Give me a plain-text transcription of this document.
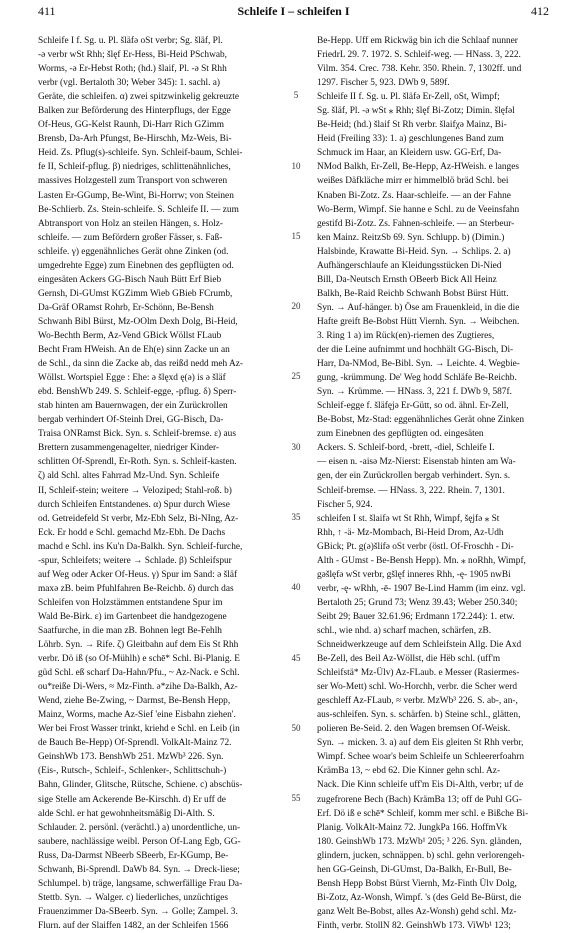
411	Schleife I – schleifen I	412
Schleife I f. Sg. u. Pl. šläfǝ oSt verbr; Sg. šläf, Pl.
-ǝ verbr wSt Rhh; šlęf Er-Hess, Bi-Heid PSchwab,
Worms, -ǝ Er-Hebst Roth; (hd.) šlaif, Pl. -ǝ St Rhh
verbr (vgl. Bertaloth 30; Weber 345): 1. sachl. a)
Geräte, die schleifen. α) zwei spitzwinkelig gekreuzte
Balken zur Beförderung des Hinterpflugs, der Egge
Of-Heus, GG-Kelst Raunh, Di-Harr Rich GZimm
Brensb, Da-Arh Pfungst, Be-Hirschh, Mz-Weis, Bi-
Heid. Zs. Pflug(s)-schleife. Syn. Schleif-baum, Schlei-
fe II, Schleif-pflug. β) niedriges, schlittenähnliches,
massives Holzgestell zum Transport von schweren
Lasten Er-GGump, Be-Wint, Bi-Horrw; von Steinen
Be-Schlierb. Zs. Stein-schleife. S. Schleife II. — zum
Abtransport von Holz an steilen Hängen, s. Holz-
schleife. — zum Befördern großer Fässer, s. Faß-
schleife. γ) eggenähnliches Gerät ohne Zinken (od.
umgedrehte Egge) zum Einebnen des gepflügten od.
eingesäten Ackers GG-Bisch Nauh Bütt Erf Bieb
Gernsh, Di-GUmst KGZimm Wieb GBieb FCrumb,
Da-Gräf ORamst Rohrb, Er-Schönn, Be-Bensh
Schwanh Bibl Bürst, Mz-OOlm Dexh Dolg, Bi-Heid,
Wo-Bechth Berm, Az-Vend GBick Wöllst FLaub
Becht Fram HWeish. An de Eh(e) sinn Zacke un an
de Schl., da sinn die Zacke ab, das reißd nedd meh Az-
Wöllst. Wortspiel Egge : Ehe: ǝ šlęxd ę(ǝ) is ǝ šläf
ebd. BenshWb 249. S. Schleif-egge, -pflug. δ) Sperr-
stab hinten am Bauernwagen, der ein Zurückrollen
bergab verhindert Of-Steinh Drei, GG-Bisch, Da-
Traisa ONRamst Bick. Syn. s. Schleif-bremse. ε) aus
Brettern zusammengenagelter, niedriger Kinder-
schlitten Of-Sprendl, Er-Roth. Syn. s. Schleif-kasten.
ζ) ald Schl. altes Fahrrad Mz-Und. Syn. Schleife
II, Schleif-stein; weitere → Veloziped; Stahl-roß. b)
durch Schleifen Entstandenes. α) Spur durch Wiese
od. Getreidefeld St verbr, Mz-Ebh Selz, Bi-NIng, Az-
Eck. Er hodd e Schl. gemachd Mz-Ebh. De Dachs
machd e Schl. ins Ku'n Da-Balkh. Syn. Schleif-furche,
-spur, Schleifets; weitere → Schlade. β) Schleifspur
auf Weg oder Acker Of-Heus. γ) Spur im Sand: ǝ šläf
maxǝ zB. beim Pfuhlfahren Be-Reichb. δ) durch das
Schleifen von Holzstämmen entstandene Spur im
Wald Be-Birk. ε) im Gartenbeet die handgezogene
Saatfurche, in die man zB. Bohnen legt Be-Fehlh
Löhrb. Syn. → Rife. ζ) Gleitbahn auf dem Eis St Rhh
verbr. Dö iß (so Of-Mühlh) e schē* Schl. Bi-Planig. E
güd Schl. eß scharf Da-Hahn/Pfu., ~ Az-Nack. e Schl.
ou*reiße Di-Wers, ≈ Mz-Finth. ǝ*zihe Da-Balkh, Az-
Wend, ziehe Be-Zwing, ~ Darmst, Be-Bensh Hepp,
Mainz, Worms, mache Az-Sief 'eine Eisbahn ziehen'.
Wer bei Frost Wasser trinkt, kriehd e Schl. en Leib (in
de Bauch Be-Hepp) Of-Sprendl. VolkAlt-Mainz 72.
GeinshWb 173. BenshWb 251. MzWb³ 226. Syn.
(Eis-, Rutsch-, Schleif-, Schlenker-, Schlittschuh-)
Bahn, Glinder, Glitsche, Rütsche, Schiene. c) abschüs-
sige Stelle am Ackerende Be-Kirschh. d) Er uff de
alde Schl. er hat gewohnheitsmäßig Di-Alth. S.
Schlauder. 2. persönl. (verächtl.) a) unordentliche, un-
saubere, nachlässige weibl. Person Of-Lang Egb, GG-
Russ, Da-Darmst NBeerb SBeerb, Er-KGump, Be-
Schwanh, Bi-Sprendl. DaWb 84. Syn. → Dreck-liese;
Schlumpel. b) träge, langsame, schwerfällige Frau Da-
Stettb. Syn. → Walger. c) liederliches, unzüchtiges
Frauenzimmer Da-SBeerb. Syn. → Golle; Zampel. 3.
Flurn. auf der Slaiffen 1482, an der Schleifen 1566
Be-Hepp. Uff em Rickwäg bin ich die Schlaaf nunner
FriedrL 29. 7. 1972. S. Schleif-weg. — HNass. 3, 222.
Vilm. 354. Crec. 738. Kehr. 350. Rhein. 7, 1302ff. und
1297. Fischer 5, 923. DWb 9, 589f.
Schleife II f. Sg. u. Pl. šläfǝ Er-Zell, oSt, Wimpf;
Sg. šläf, Pl. -ǝ wSt ⁎ Rhh; šlęf Bi-Zotz; Dimin. šlęfǝl
Be-Heid; (hd.) šlaif St Rh verbr. šlaifχǝ Mainz, Bi-
Heid (Freiling 33): 1. a) geschlungenes Band zum
Schmuck im Haar, an Kleidern usw. GG-Erf, Da-
NMod Balkh, Er-Zell, Be-Hepp, Az-HWeish. e langes
weißes Däfkläche mirr er himmelblö bräd Schl. bei
Knaben Bi-Zotz. Zs. Haar-schleife. — an der Fahne
Wo-Berm, Wimpf. Sie hanne e Schl. zu de Veeinsfahn
gestifd Bi-Zotz. Zs. Fahnen-schleife. — an Sterbeur-
ken Mainz. ReitzSb 69. Syn. Schlupp. b) (Dimin.)
Halsbinde, Krawatte Bi-Heid. Syn. → Schlips. 2. a)
Aufhängerschlaufe an Kleidungsstücken Di-Nied
Bill, Da-Neutsch Ernsth OBeerb Bick All Heinz
Balkh, Be-Raid Reichb Schwanh Bobst Bürst Hütt.
Syn. → Auf-hänger. b) Öse am Frauenkleid, in die die
Hafte greift Be-Bobst Hütt Viernh. Syn. → Weibchen.
3. Ring 1 a) im Rück(en)-riemen des Zugtieres,
der die Leine aufnimmt und hochhält GG-Bisch, Di-
Harr, Da-NMod, Be-Bibl. Syn. → Leichte. 4. Wegbie-
gung, -krümmung. De' Weg hodd Schläfe Be-Reichb.
Syn. → Krümme. — HNass. 3, 221 f. DWb 9, 587f.
Schleif-egge f. šläfęjǝ Er-Gütt, so od. ähnl. Er-Zell,
Be-Bobst, Mz-Stad: eggenähnliches Gerät ohne Zinken
zum Einebnen des gepflügten od. eingesäten
Ackers. S. Schleif-bord, -brett, -diel, Schleife I.
— eisen n. -aisǝ Mz-Nierst: Eisenstab hinten am Wa-
gen, der ein Zurückrollen bergab verhindert. Syn. s.
Schleif-bremse. — HNass. 3, 222. Rhein. 7, 1301.
Fischer 5, 924.
schleifen I st. šlaifǝ wt St Rhh, Wimpf, šęjfǝ ⁎ St
Rhh, ↑ -ä- Mz-Mombach, Bi-Heid Drom, Az-Udh
GBick; Pt. g(ǝ)šlifǝ oSt verbr (östl. Of-Froschh - Di-
Alth - GUmst - Be-Bensh Hepp). Mn. ⁎ noRhh, Wimpf,
gǝšlęfǝ wSt verbr, gšlęf inneres Rhh, -ę- 1905 nwBi
verbr, -ę- wRhh, -ē- 1907 Be-Lind Hamm (im einz. vgl.
Bertaloth 25; Grund 73; Wenz 39.43; Weber 250.340;
Seibt 29; Bauer 32.61.96; Erdmann 172.244): 1. etw.
schl., wie nhd. a) scharf machen, schärfen, zB.
Schneidwerkzeuge auf dem Schleifstein Allg. Die Axd
Be-Zell, des Beil Az-Wöllst, die Hëb schl. (uff'm
Schleifstä* Mz-Ülv) Az-FLaub. e Messer (Rasiermes-
ser Wo-Mett) schl. Wo-Horchh, verbr. die Scher werd
geschleff Az-FLaub, ≈ verbr. MzWb³ 226. S. ab-, an-,
aus-schleifen. Syn. s. schärfen. b) Steine schl., glätten,
polieren Be-Seid. 2. den Wagen bremsen Of-Weisk.
Syn. → micken. 3. a) auf dem Eis gleiten St Rhh verbr,
Wimpf. Schee woar's beim Schleife un Schleererfoahrn
KrämBa 13, ~ ebd 62. Die Kinner gehn schl. Az-
Nack. Die Kinn schleife uff'm Eis Di-Alth, verbr; uf de
zugefrorene Bech (Bach) KrämBa 13; off de Puhl GG-
Erf. Dö iß e schē* Schleif, komm mer schl. e Bißche Bi-
Planig. VolkAlt-Mainz 72. JungkPa 166. HoffmVk
180. GeinshWb 173. MzWb¹ 205; ³ 226. Syn. gländen,
glindern, jucken, schnäppen. b) schl. gehn verlorengeh-
hen GG-Geinsh, Di-GUmst, Da-Balkh, Er-Bull, Be-
Bensh Hepp Bobst Bürst Viernh, Mz-Finth Ülv Dolg,
Bi-Zotz, Az-Wonsh, Wimpf. 's (des Geld Be-Bürst, die
ganz Welt Be-Bobst, alles Az-Wonsh) gehd schl. Mz-
Finth, verbr. StollN 82. GeinshWb 173. ViWb¹ 123;
5
10
15
20
25
30
35
40
45
50
55
